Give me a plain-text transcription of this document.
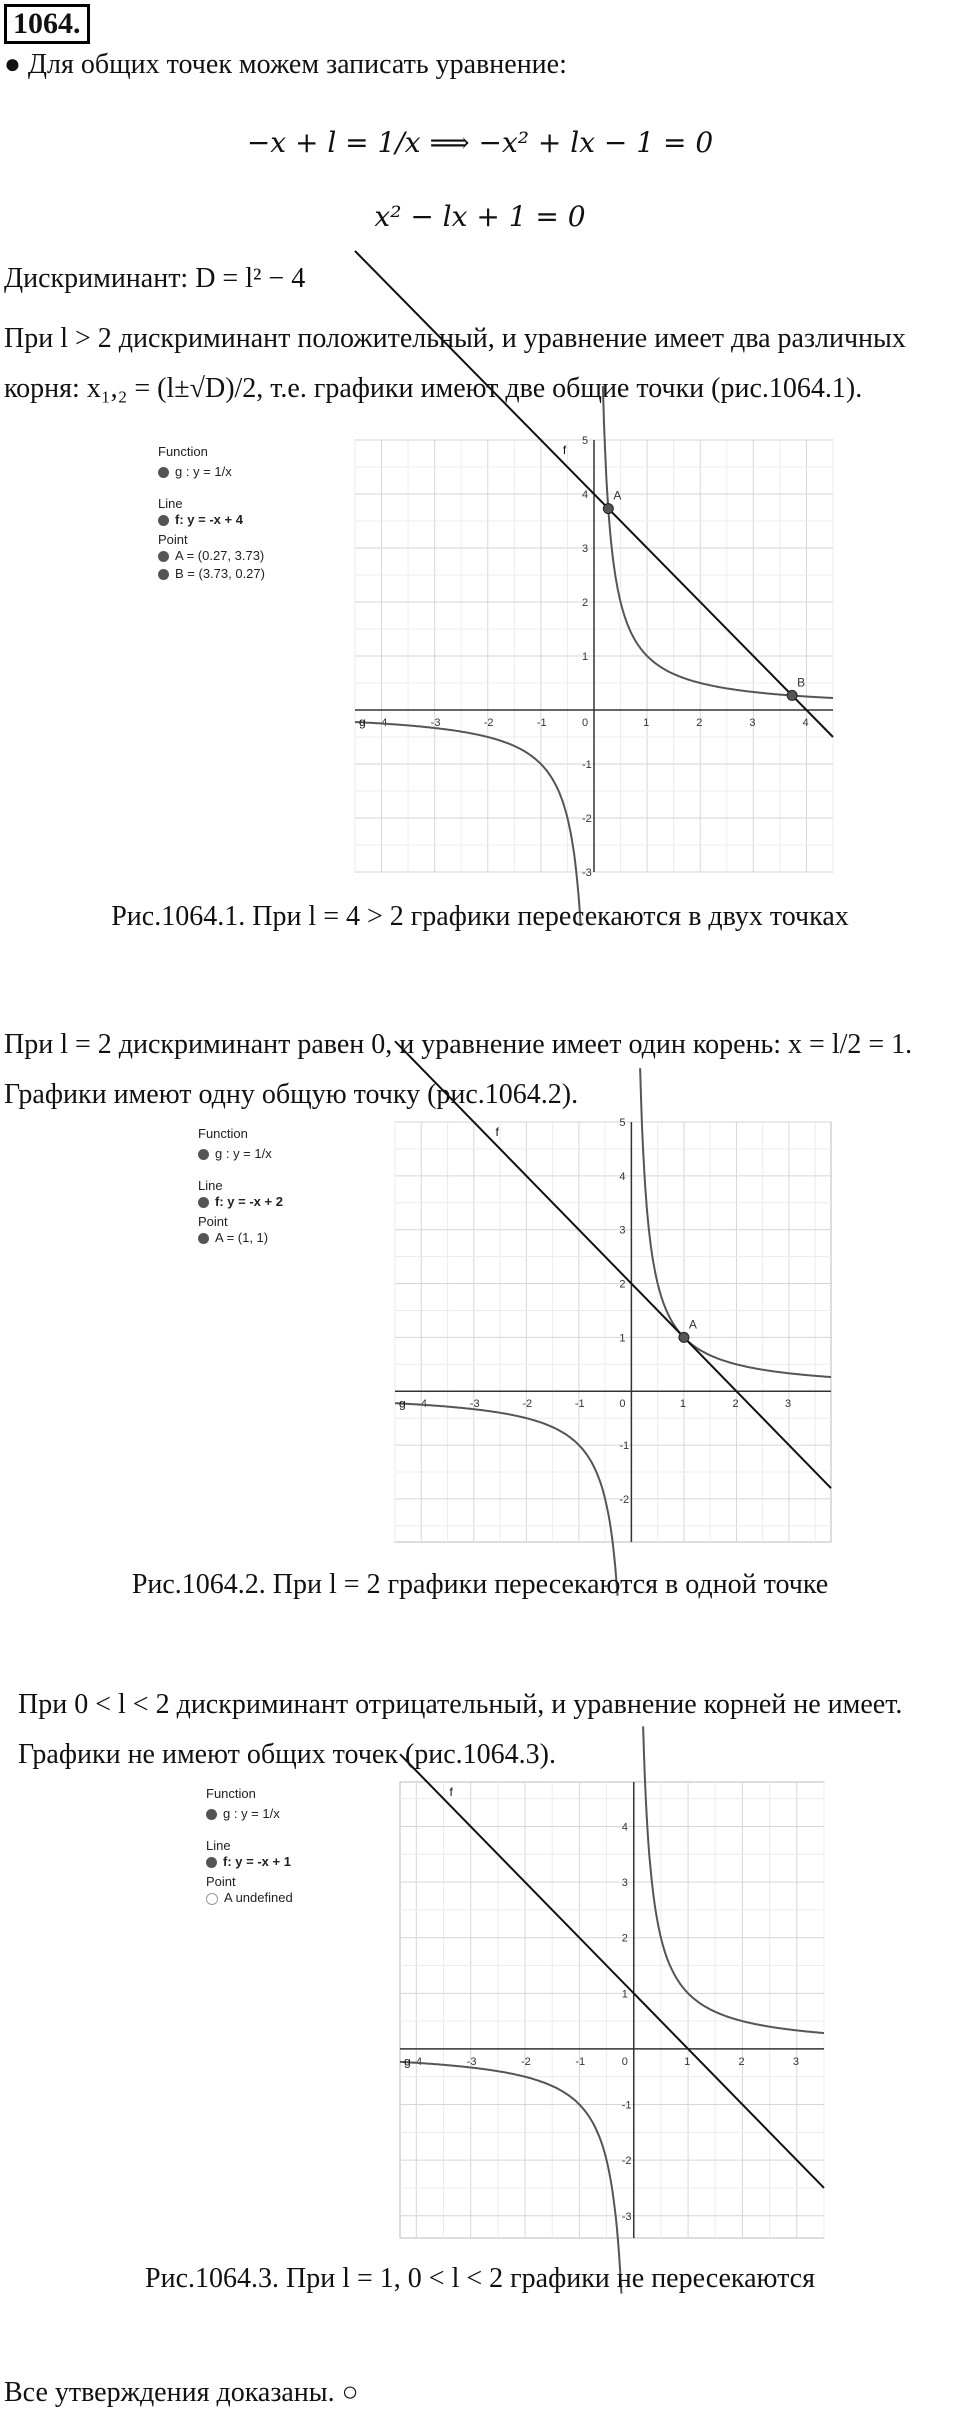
1064.
● Для общих точек можем записать уравнение:
−x + l = 1/x ⟹ −x² + lx − 1 = 0
x² − lx + 1 = 0
Дискриминант: D = l² − 4
При l > 2 дискриминант положительный, и уравнение имеет два различных
корня: x₁,₂ = (l±√D)/2, т.е. графики имеют две общие точки (рис.1064.1).
Function
g : y = 1/x
Line
f: y = -x + 4
Point
A = (0.27, 3.73)
B = (3.73, 0.27)
-4	-3	-2	-1	0	1	2	3	4
-3
-2
-1
1
2
3
4
5
f
g
A
B
Рис.1064.1. При l = 4 > 2 графики пересекаются в двух точках
При l = 2 дискриминант равен 0, и уравнение имеет один корень: x = l/2 = 1.
Графики имеют одну общую точку (рис.1064.2).
Function
g : y = 1/x
Line
f: y = -x + 2
Point
A = (1, 1)
-4	-3	-2	-1	0	1	2	3
-2
-1
1
2
3
4
5
f
g
A
Рис.1064.2. При l = 2 графики пересекаются в одной точке
При 0 < l < 2 дискриминант отрицательный, и уравнение корней не имеет.
Графики не имеют общих точек (рис.1064.3).
Function
g : y = 1/x
Line
f: y = -x + 1
Point
A undefined
-4	-3	-2	-1	0	1	2	3
-3
-2
-1
1
2
3
4
f
g
Рис.1064.3. При l = 1, 0 < l < 2 графики не пересекаются
Все утверждения доказаны. ○
